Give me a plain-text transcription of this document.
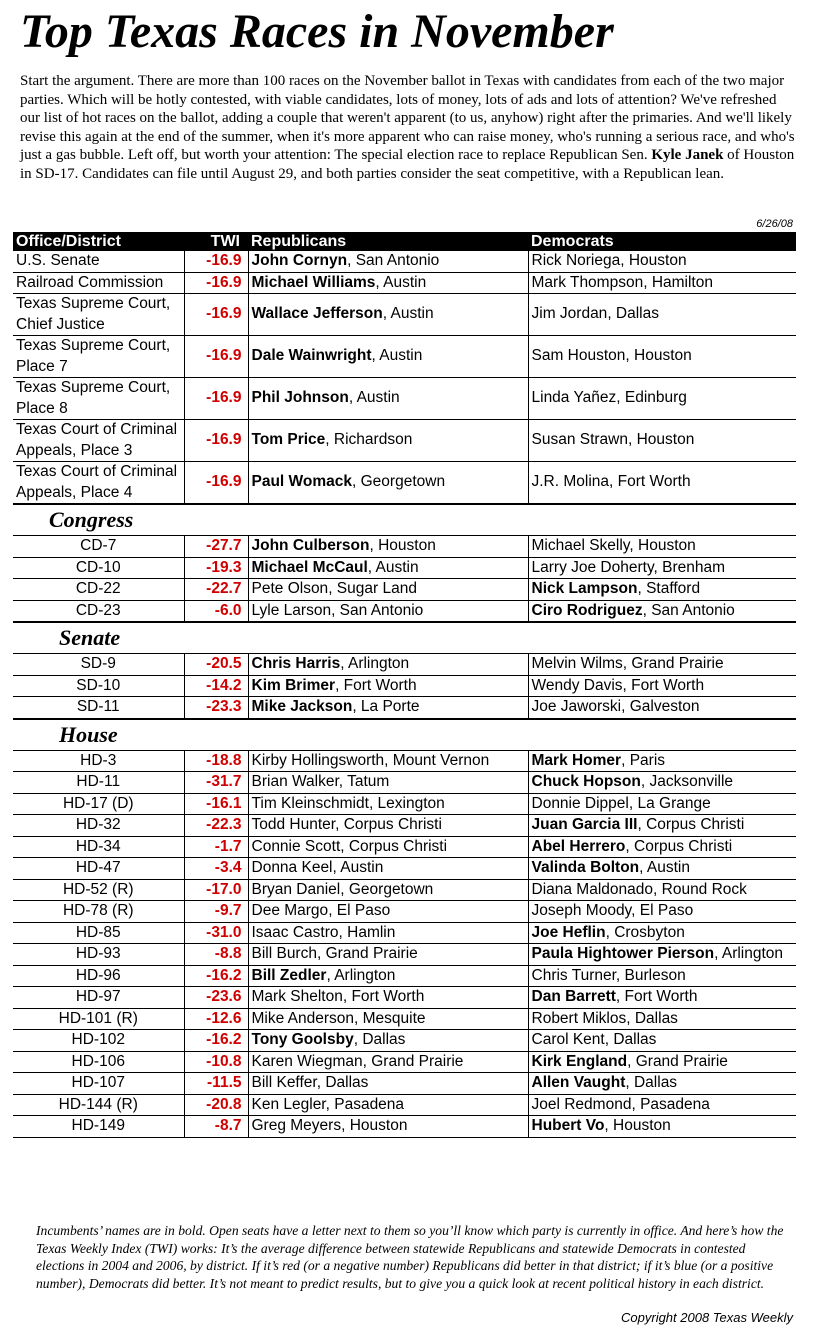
Top Texas Races in November

Start the argument. There are more than 100 races on the November ballot in Texas with candidates from each of the two major parties. Which will be hotly contested, with viable candidates, lots of money, lots of ads and lots of attention? We've refreshed our list of hot races on the ballot, adding a couple that weren't apparent (to us, anyhow) right after the primaries. And we'll likely revise this again at the end of the summer, when it's more apparent who can raise money, who's running a serious race, and who's just a gas bubble. Left off, but worth your attention: The special election race to replace Republican Sen. Kyle Janek of Houston in SD-17. Candidates can file until August 29, and both parties consider the seat competitive, with a Republican lean.

6/26/08
Office/District	TWI	Republicans	Democrats
U.S. Senate	-16.9	John Cornyn, San Antonio	Rick Noriega, Houston
Railroad Commission	-16.9	Michael Williams, Austin	Mark Thompson, Hamilton
Texas Supreme Court, Chief Justice	-16.9	Wallace Jefferson, Austin	Jim Jordan, Dallas
Texas Supreme Court, Place 7	-16.9	Dale Wainwright, Austin	Sam Houston, Houston
Texas Supreme Court, Place 8	-16.9	Phil Johnson, Austin	Linda Yañez, Edinburg
Texas Court of Criminal Appeals, Place 3	-16.9	Tom Price, Richardson	Susan Strawn, Houston
Texas Court of Criminal Appeals, Place 4	-16.9	Paul Womack, Georgetown	J.R. Molina, Fort Worth
Congress			
CD-7	-27.7	John Culberson, Houston	Michael Skelly, Houston
CD-10	-19.3	Michael McCaul, Austin	Larry Joe Doherty, Brenham
CD-22	-22.7	Pete Olson, Sugar Land	Nick Lampson, Stafford
CD-23	-6.0	Lyle Larson, San Antonio	Ciro Rodriguez, San Antonio
Senate			
SD-9	-20.5	Chris Harris, Arlington	Melvin Wilms, Grand Prairie
SD-10	-14.2	Kim Brimer, Fort Worth	Wendy Davis, Fort Worth
SD-11	-23.3	Mike Jackson, La Porte	Joe Jaworski, Galveston
House			
HD-3	-18.8	Kirby Hollingsworth, Mount Vernon	Mark Homer, Paris
HD-11	-31.7	Brian Walker, Tatum	Chuck Hopson, Jacksonville
HD-17 (D)	-16.1	Tim Kleinschmidt, Lexington	Donnie Dippel, La Grange
HD-32	-22.3	Todd Hunter, Corpus Christi	Juan Garcia III, Corpus Christi
HD-34	-1.7	Connie Scott, Corpus Christi	Abel Herrero, Corpus Christi
HD-47	-3.4	Donna Keel, Austin	Valinda Bolton, Austin
HD-52 (R)	-17.0	Bryan Daniel, Georgetown	Diana Maldonado, Round Rock
HD-78 (R)	-9.7	Dee Margo, El Paso	Joseph Moody, El Paso
HD-85	-31.0	Isaac Castro, Hamlin	Joe Heflin, Crosbyton
HD-93	-8.8	Bill Burch, Grand Prairie	Paula Hightower Pierson, Arlington
HD-96	-16.2	Bill Zedler, Arlington	Chris Turner, Burleson
HD-97	-23.6	Mark Shelton, Fort Worth	Dan Barrett, Fort Worth
HD-101 (R)	-12.6	Mike Anderson, Mesquite	Robert Miklos, Dallas
HD-102	-16.2	Tony Goolsby, Dallas	Carol Kent, Dallas
HD-106	-10.8	Karen Wiegman, Grand Prairie	Kirk England, Grand Prairie
HD-107	-11.5	Bill Keffer, Dallas	Allen Vaught, Dallas
HD-144 (R)	-20.8	Ken Legler, Pasadena	Joel Redmond, Pasadena
HD-149	-8.7	Greg Meyers, Houston	Hubert Vo, Houston

Incumbents’ names are in bold. Open seats have a letter next to them so you’ll know which party is currently in office. And here’s how the Texas Weekly Index (TWI) works: It’s the average difference between statewide Republicans and statewide Democrats in contested elections in 2004 and 2006, by district. If it’s red (or a negative number) Republicans did better in that district; if it’s blue (or a positive number), Democrats did better. It’s not meant to predict results, but to give you a quick look at recent political history in each district.

Copyright 2008 Texas Weekly
